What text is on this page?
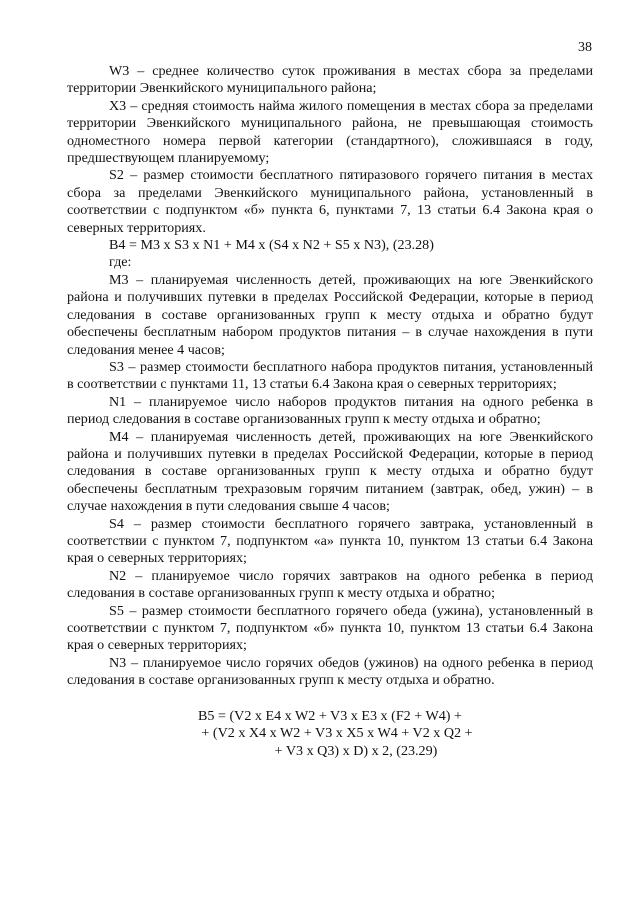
38

W3 – среднее количество суток проживания в местах сбора за пределами территории Эвенкийского муниципального района;

X3 – средняя стоимость найма жилого помещения в местах сбора за пределами территории Эвенкийского муниципального района, не превышающая стоимость одноместного номера первой категории (стандартного), сложившаяся в году, предшествующем планируемому;

S2 – размер стоимости бесплатного пятиразового горячего питания в местах сбора за пределами Эвенкийского муниципального района, установленный в соответствии с подпунктом «б» пункта 6, пунктами 7, 13 статьи 6.4 Закона края о северных территориях.

B4 = M3 x S3 x N1 + M4 x (S4 x N2 + S5 x N3), (23.28)

где:

M3 – планируемая численность детей, проживающих на юге Эвенкийского района и получивших путевки в пределах Российской Федерации, которые в период следования в составе организованных групп к месту отдыха и обратно будут обеспечены бесплатным набором продуктов питания – в случае нахождения в пути следования менее 4 часов;

S3 – размер стоимости бесплатного набора продуктов питания, установленный в соответствии с пунктами 11, 13 статьи 6.4 Закона края о северных территориях;

N1 – планируемое число наборов продуктов питания на одного ребенка в период следования в составе организованных групп к месту отдыха и обратно;

M4 – планируемая численность детей, проживающих на юге Эвенкийского района и получивших путевки в пределах Российской Федерации, которые в период следования в составе организованных групп к месту отдыха и обратно будут обеспечены бесплатным трехразовым горячим питанием (завтрак, обед, ужин) – в случае нахождения в пути следования свыше 4 часов;

S4 – размер стоимости бесплатного горячего завтрака, установленный в соответствии с пунктом 7, подпунктом «а» пункта 10, пунктом 13 статьи 6.4 Закона края о северных территориях;

N2 – планируемое число горячих завтраков на одного ребенка в период следования в составе организованных групп к месту отдыха и обратно;

S5 – размер стоимости бесплатного горячего обеда (ужина), установленный в соответствии с пунктом 7, подпунктом «б» пункта 10, пунктом 13 статьи 6.4 Закона края о северных территориях;

N3 – планируемое число горячих обедов (ужинов) на одного ребенка в период следования в составе организованных групп к месту отдыха и обратно.

B5 = (V2 x E4 x W2 + V3 x E3 x (F2 + W4) +
+ (V2 x X4 x W2 + V3 x X5 x W4 + V2 x Q2 +
+ V3 x Q3) x D) x 2, (23.29)
